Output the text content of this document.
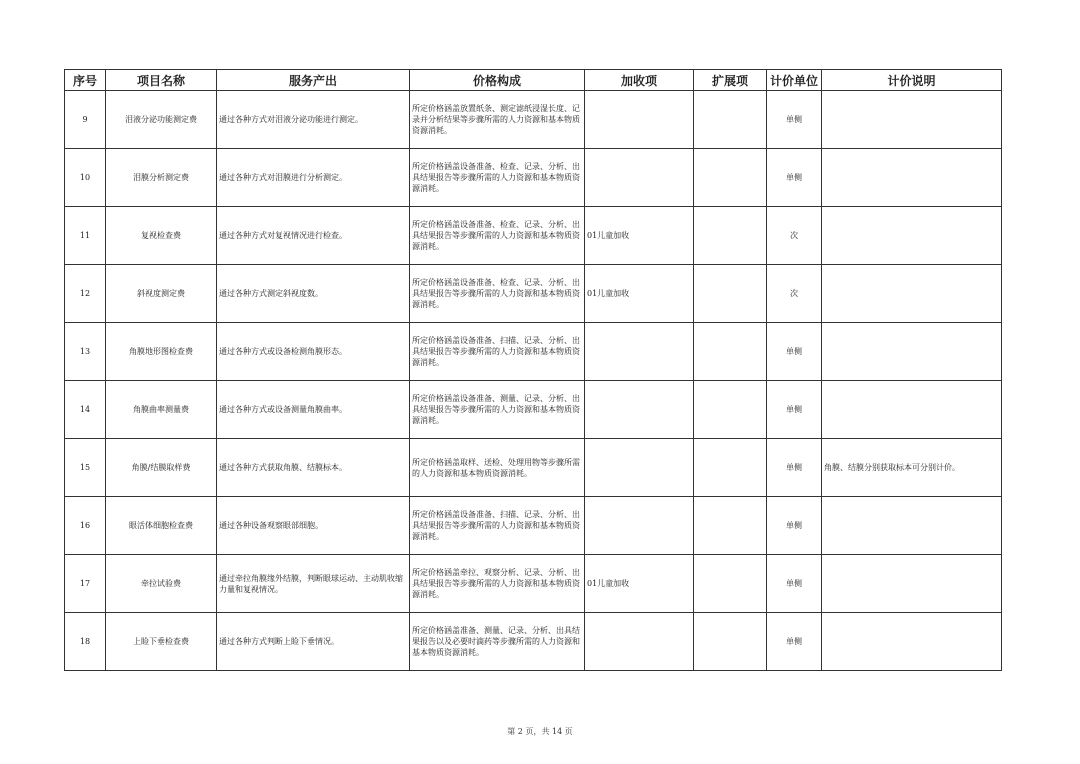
序号	项目名称	服务产出	价格构成	加收项	扩展项	计价单位	计价说明
9	泪液分泌功能测定费	通过各种方式对泪液分泌功能进行测定。	所定价格涵盖放置纸条、测定滤纸浸湿长度、记录并分析结果等步骤所需的人力资源和基本物质资源消耗。			单侧	
10	泪膜分析测定费	通过各种方式对泪膜进行分析测定。	所定价格涵盖设备准备、检查、记录、分析、出具结果报告等步骤所需的人力资源和基本物质资源消耗。			单侧	
11	复视检查费	通过各种方式对复视情况进行检查。	所定价格涵盖设备准备、检查、记录、分析、出具结果报告等步骤所需的人力资源和基本物质资源消耗。	01儿童加收		次	
12	斜视度测定费	通过各种方式测定斜视度数。	所定价格涵盖设备准备、检查、记录、分析、出具结果报告等步骤所需的人力资源和基本物质资源消耗。	01儿童加收		次	
13	角膜地形图检查费	通过各种方式或设备检测角膜形态。	所定价格涵盖设备准备、扫描、记录、分析、出具结果报告等步骤所需的人力资源和基本物质资源消耗。			单侧	
14	角膜曲率测量费	通过各种方式或设备测量角膜曲率。	所定价格涵盖设备准备、测量、记录、分析、出具结果报告等步骤所需的人力资源和基本物质资源消耗。			单侧	
15	角膜/结膜取样费	通过各种方式获取角膜、结膜标本。	所定价格涵盖取样、送检、处理用物等步骤所需的人力资源和基本物质资源消耗。			单侧	角膜、结膜分别获取标本可分别计价。
16	眼活体细胞检查费	通过各种设备观察眼部细胞。	所定价格涵盖设备准备、扫描、记录、分析、出具结果报告等步骤所需的人力资源和基本物质资源消耗。			单侧	
17	牵拉试验费	通过牵拉角膜缘外结膜，判断眼球运动、主动肌收缩力量和复视情况。	所定价格涵盖牵拉、观察分析、记录、分析、出具结果报告等步骤所需的人力资源和基本物质资源消耗。	01儿童加收		单侧	
18	上睑下垂检查费	通过各种方式判断上睑下垂情况。	所定价格涵盖准备、测量、记录、分析、出具结果报告以及必要时滴药等步骤所需的人力资源和基本物质资源消耗。			单侧	
第 2 页，共 14 页
